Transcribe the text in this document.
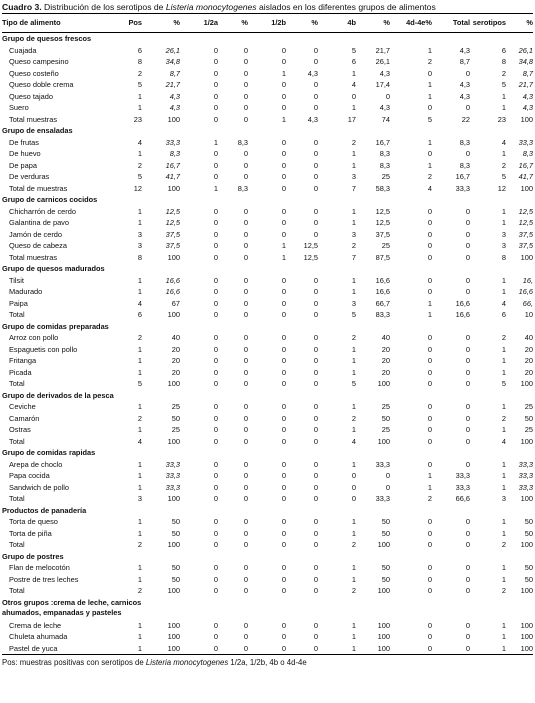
Cuadro 3. Distribución de los serotipos de Listeria monocytogenes aislados en los diferentes grupos de alimentos
Tipo de alimento	Pos	%	1/2a	%	1/2b	%	4b	%	4d-4e%	Total	serotipos	%
Grupo de quesos frescos												
Cuajada	6	26,1	0	0	0	0	5	21,7	1	4,3	6	26,1
Queso campesino	8	34,8	0	0	0	0	6	26,1	2	8,7	8	34,8
Queso costeño	2	8,7	0	0	1	4,3	1	4,3	0	0	2	8,7
Queso doble crema	5	21,7	0	0	0	0	4	17,4	1	4,3	5	21,7
Queso tajado	1	4,3	0	0	0	0	0	0	1	4,3	1	4,3
Suero	1	4,3	0	0	0	0	1	4,3	0	0	1	4,3
Total muestras	23	100	0	0	1	4,3	17	74	5	22	23	100
Grupo de ensaladas												
De frutas	4	33,3	1	8,3	0	0	2	16,7	1	8,3	4	33,3
De huevo	1	8,3	0	0	0	0	1	8,3	0	0	1	8,3
De papa	2	16,7	0	0	0	0	1	8,3	1	8,3	2	16,7
De verduras	5	41,7	0	0	0	0	3	25	2	16,7	5	41,7
Total de muestras	12	100	1	8,3	0	0	7	58,3	4	33,3	12	100
Grupo de carnicos cocidos												
Chicharrón de cerdo	1	12,5	0	0	0	0	1	12,5	0	0	1	12,5
Galantina de pavo	1	12,5	0	0	0	0	1	12,5	0	0	1	12,5
Jamón de cerdo	3	37,5	0	0	0	0	3	37,5	0	0	3	37,5
Queso de cabeza	3	37,5	0	0	1	12,5	2	25	0	0	3	37,5
Total muestras	8	100	0	0	1	12,5	7	87,5	0	0	8	100
Grupo de quesos madurados												
Tilsit	1	16,6	0	0	0	0	1	16,6	0	0	1	16,
Madurado	1	16,6	0	0	0	0	1	16,6	0	0	1	16,6
Paipa	4	67	0	0	0	0	3	66,7	1	16,6	4	66,
Total	6	100	0	0	0	0	5	83,3	1	16,6	6	10
Grupo de comidas preparadas												
Arroz con pollo	2	40	0	0	0	0	2	40	0	0	2	40
Espaguetis con pollo	1	20	0	0	0	0	1	20	0	0	1	20
Fritanga	1	20	0	0	0	0	1	20	0	0	1	20
Picada	1	20	0	0	0	0	1	20	0	0	1	20
Total	5	100	0	0	0	0	5	100	0	0	5	100
Grupo de derivados de la pesca												
Ceviche	1	25	0	0	0	0	1	25	0	0	1	25
Camarón	2	50	0	0	0	0	2	50	0	0	2	50
Ostras	1	25	0	0	0	0	1	25	0	0	1	25
Total	4	100	0	0	0	0	4	100	0	0	4	100
Grupo de comidas rapidas												
Arepa de choclo	1	33,3	0	0	0	0	1	33,3	0	0	1	33,3
Papa cocida	1	33,3	0	0	0	0	0	0	1	33,3	1	33,3
Sandwich de pollo	1	33,3	0	0	0	0	0	0	1	33,3	1	33,3
Total	3	100	0	0	0	0	0	33,3	2	66,6	3	100
Productos de panadería												
Torta de queso	1	50	0	0	0	0	1	50	0	0	1	50
Torta de piña	1	50	0	0	0	0	1	50	0	0	1	50
Total	2	100	0	0	0	0	2	100	0	0	2	100
Grupo de postres												
Flan de melocotón	1	50	0	0	0	0	1	50	0	0	1	50
Postre de tres leches	1	50	0	0	0	0	1	50	0	0	1	50
Total	2	100	0	0	0	0	2	100	0	0	2	100
Otros grupos :crema de leche, carnicos ahumados, empanadas y pasteles												
Crema de leche	1	100	0	0	0	0	1	100	0	0	1	100
Chuleta ahumada	1	100	0	0	0	0	1	100	0	0	1	100
Pastel de yuca	1	100	0	0	0	0	1	100	0	0	1	100
Pos: muestras positivas con serotipos de Listeria monocytogenes 1/2a, 1/2b, 4b o 4d-4e
